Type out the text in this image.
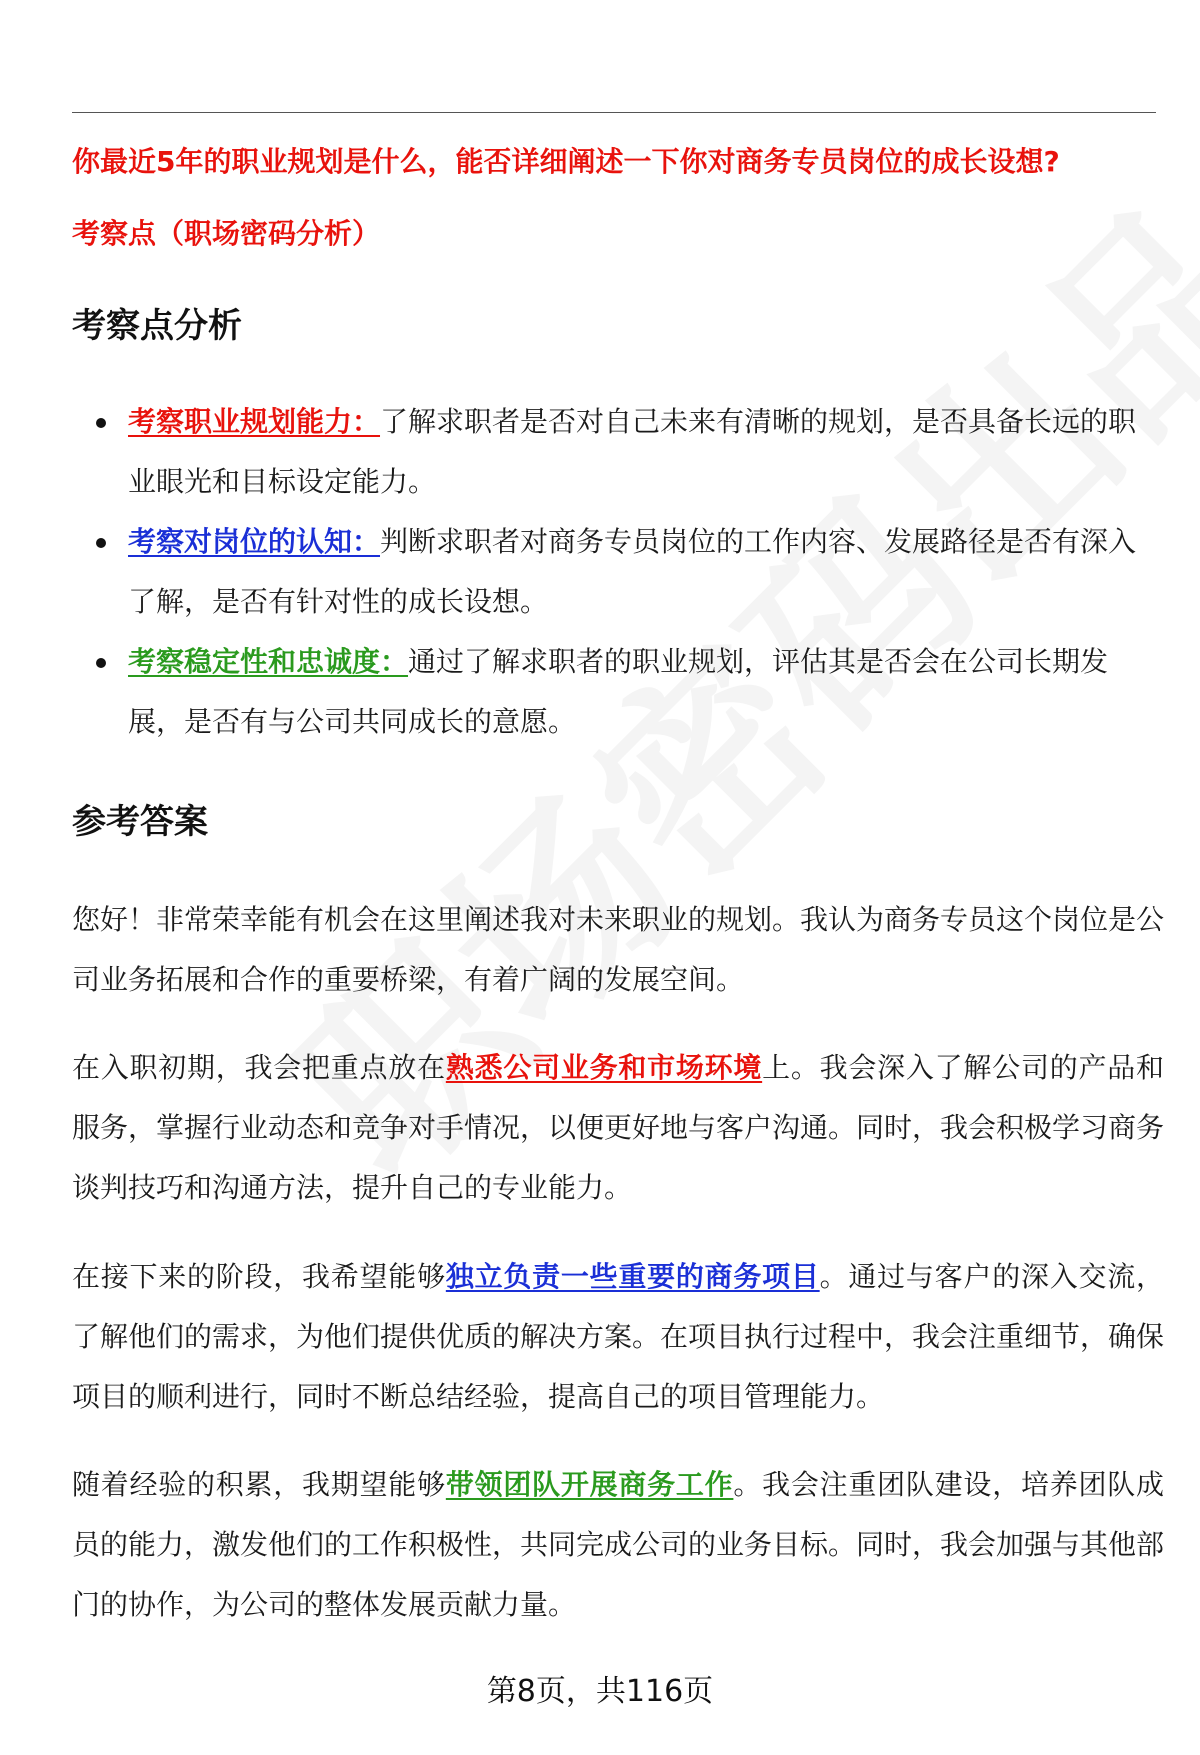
你最近5年的职业规划是什么，能否详细阐述一下你对商务专员岗位的成长设想?
考察点（职场密码分析）
考察点分析
考察职业规划能力：了解求职者是否对自己未来有清晰的规划，是否具备长远的职业眼光和目标设定能力。
考察对岗位的认知：判断求职者对商务专员岗位的工作内容、发展路径是否有深入了解，是否有针对性的成长设想。
考察稳定性和忠诚度：通过了解求职者的职业规划，评估其是否会在公司长期发展，是否有与公司共同成长的意愿。
参考答案
您好！非常荣幸能有机会在这里阐述我对未来职业的规划。我认为商务专员这个岗位是公司业务拓展和合作的重要桥梁，有着广阔的发展空间。
在入职初期，我会把重点放在熟悉公司业务和市场环境上。我会深入了解公司的产品和服务，掌握行业动态和竞争对手情况，以便更好地与客户沟通。同时，我会积极学习商务谈判技巧和沟通方法，提升自己的专业能力。
在接下来的阶段，我希望能够独立负责一些重要的商务项目。通过与客户的深入交流，了解他们的需求，为他们提供优质的解决方案。在项目执行过程中，我会注重细节，确保项目的顺利进行，同时不断总结经验，提高自己的项目管理能力。
随着经验的积累，我期望能够带领团队开展商务工作。我会注重团队建设，培养团队成员的能力，激发他们的工作积极性，共同完成公司的业务目标。同时，我会加强与其他部门的协作，为公司的整体发展贡献力量。
第8页，共116页
